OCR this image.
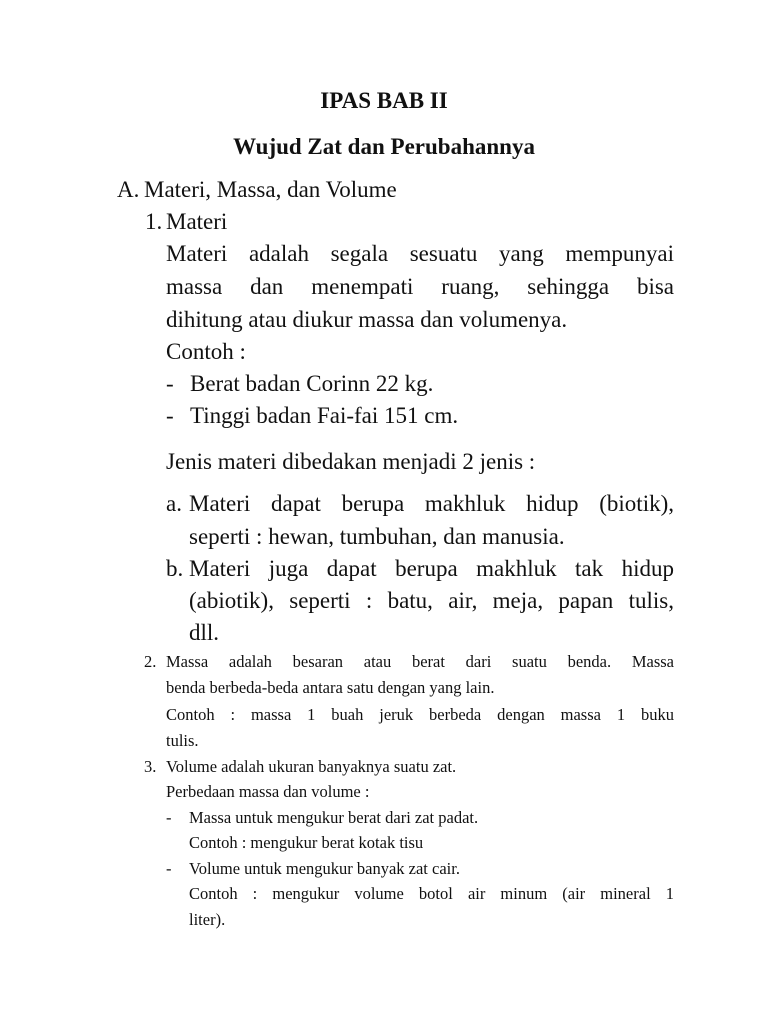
IPAS BAB II
Wujud Zat dan Perubahannya
A. Materi, Massa, dan Volume
1. Materi
Materi adalah segala sesuatu yang mempunyai
massa dan menempati ruang, sehingga bisa
dihitung atau diukur massa dan volumenya.
Contoh :
- Berat badan Corinn 22 kg.
- Tinggi badan Fai-fai 151 cm.
Jenis materi dibedakan menjadi 2 jenis :
a. Materi dapat berupa makhluk hidup (biotik),
seperti : hewan, tumbuhan, dan manusia.
b. Materi juga dapat berupa makhluk tak hidup
(abiotik), seperti : batu, air, meja, papan tulis,
dll.
2. Massa adalah besaran atau berat dari suatu benda. Massa
benda berbeda-beda antara satu dengan yang lain.
Contoh : massa 1 buah jeruk berbeda dengan massa 1 buku
tulis.
3. Volume adalah ukuran banyaknya suatu zat.
Perbedaan massa dan volume :
- Massa untuk mengukur berat dari zat padat.
Contoh : mengukur berat kotak tisu
- Volume untuk mengukur banyak zat cair.
Contoh : mengukur volume botol air minum (air mineral 1
liter).
